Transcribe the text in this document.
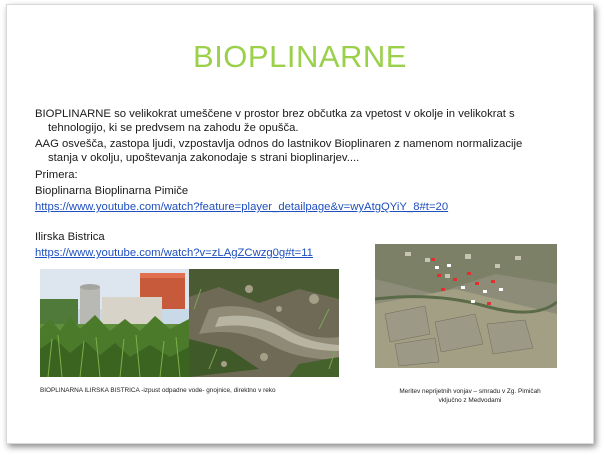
BIOPLINARNE
BIOPLINARNE so velikokrat umeščene v prostor brez občutka za vpetost v okolje in velikokrat s
tehnologijo, ki se predvsem na zahodu že opušča.
AAG osvešča, zastopa ljudi, vzpostavlja odnos do lastnikov Bioplinaren z namenom normalizacije
stanja v okolju, upoštevanja zakonodaje s strani bioplinarjev....
Primera:
Bioplinarna Bioplinarna Pimiče
https://www.youtube.com/watch?feature=player_detailpage&v=wyAtgQYiY_8#t=20
Ilirska Bistrica
https://www.youtube.com/watch?v=zLAgZCwzg0g#t=11
BIOPLINARNA ILIRSKA BISTRICA -izpust odpadne vode- gnojnice, direktno v reko	Meritev neprijetnih vonjav – smradu v Zg. Pimičah
vključno z Medvodami
